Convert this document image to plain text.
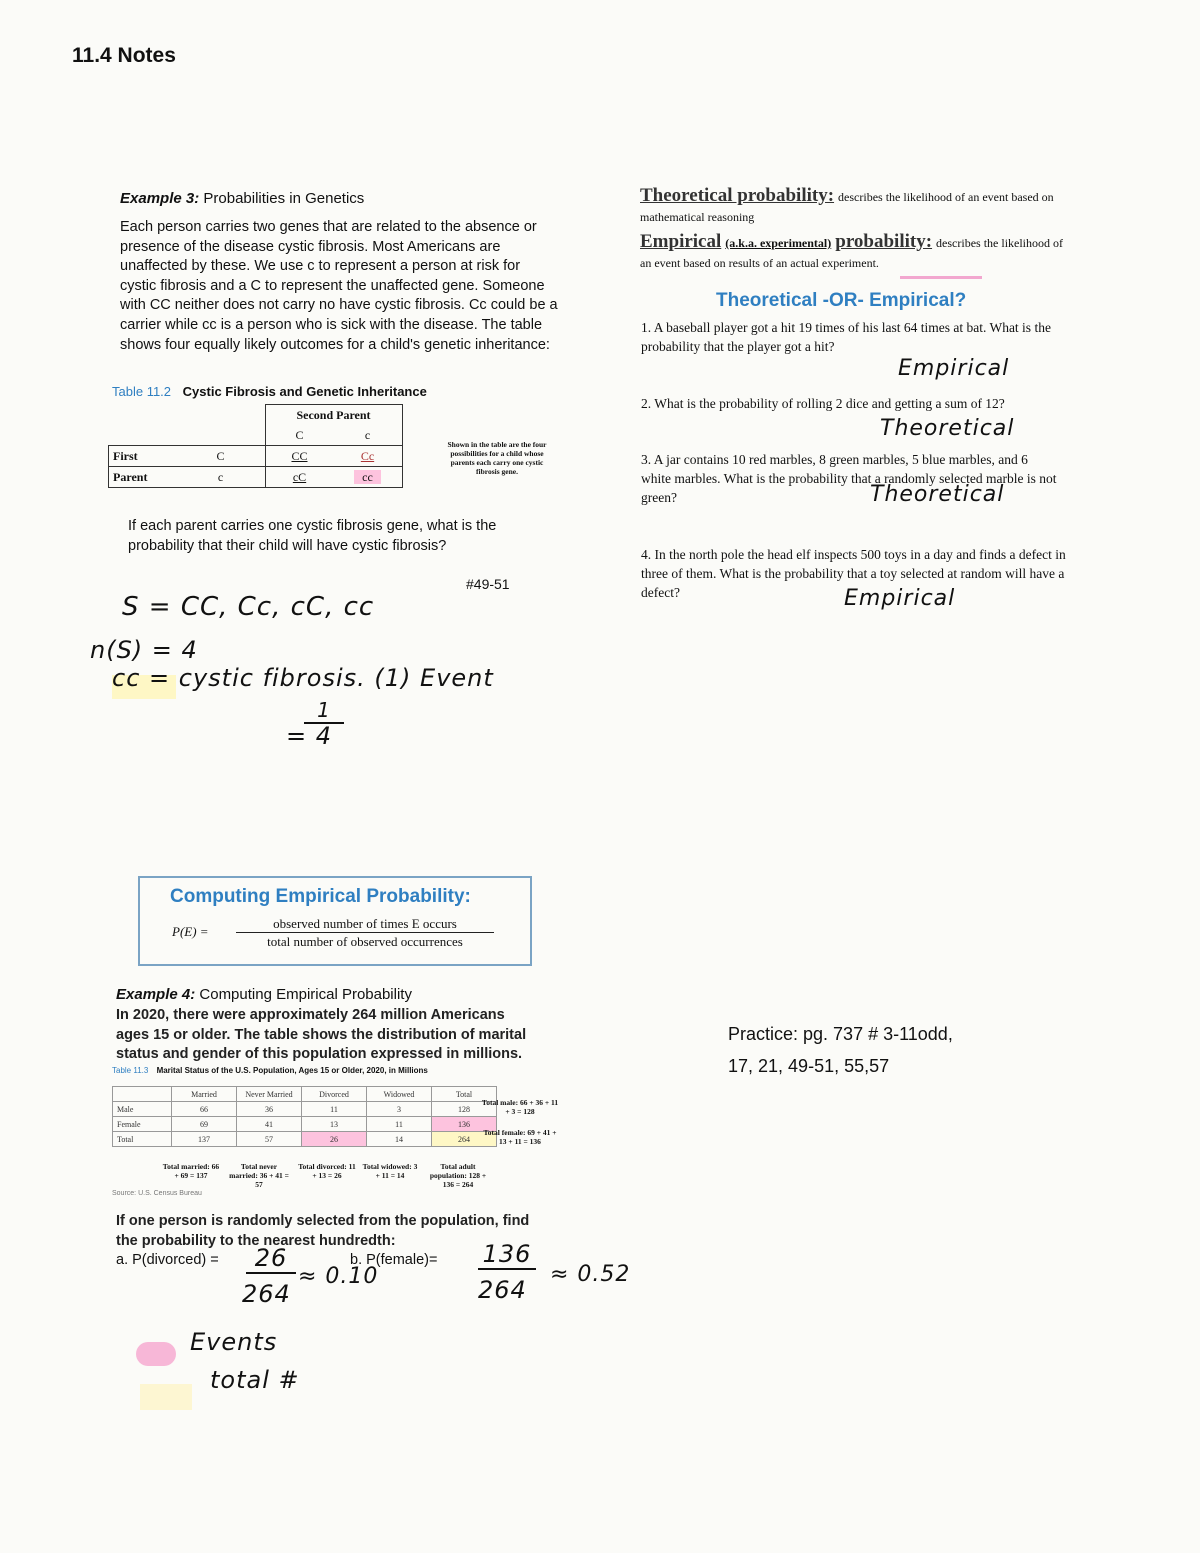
11.4 Notes
Example 3: Probabilities in Genetics
Each person carries two genes that are related to the absence or presence of the disease cystic fibrosis. Most Americans are unaffected by these. We use c to represent a person at risk for cystic fibrosis and a C to represent the unaffected gene. Someone with CC neither does not carry no have cystic fibrosis. Cc could be a carrier while cc is a person who is sick with the disease. The table shows four equally likely outcomes for a child's genetic inheritance:
Table 11.2 Cystic Fibrosis and Genetic Inheritance
		Second Parent	
		C	c
First	C	CC	Cc
Parent	c	cC	cc
Shown in the table are the four possibilities for a child whose parents each carry one cystic fibrosis gene.
If each parent carries one cystic fibrosis gene, what is the probability that their child will have cystic fibrosis?
#49-51
S = CC, Cc, cC, cc
n(S) = 4
cc = cystic fibrosis. (1) Event
1
= 4
Theoretical probability: describes the likelihood of an event based on mathematical reasoning
Empirical (a.k.a. experimental) probability: describes the likelihood of an event based on results of an actual experiment.
Theoretical -OR- Empirical?
1. A baseball player got a hit 19 times of his last 64 times at bat. What is the probability that the player got a hit?
Empirical
2. What is the probability of rolling 2 dice and getting a sum of 12?
Theoretical
3. A jar contains 10 red marbles, 8 green marbles, 5 blue marbles, and 6 white marbles. What is the probability that a randomly selected marble is not green?	Theoretical
4. In the north pole the head elf inspects 500 toys in a day and finds a defect in three of them. What is the probability that a toy selected at random will have a defect?	Empirical
Computing Empirical Probability:
P(E) =
observed number of times E occurs
total number of observed occurrences
Example 4: Computing Empirical Probability
In 2020, there were approximately 264 million Americans ages 15 or older. The table shows the distribution of marital status and gender of this population expressed in millions.
Table 11.3 Marital Status of the U.S. Population, Ages 15 or Older, 2020, in Millions
	Married	Never Married	Divorced	Widowed	Total
Male	66	36	11	3	128
Female	69	41	13	11	136
Total	137	57	26	14	264
Total male: 66 + 36 + 11 + 3 = 128
Total female: 69 + 41 + 13 + 11 = 136
Total married: 66 + 69 = 137
Total never married: 36 + 41 = 57
Total divorced: 11 + 13 = 26
Total widowed: 3 + 11 = 14
Total adult population: 128 + 136 = 264
Source: U.S. Census Bureau
If one person is randomly selected from the population, find the probability to the nearest hundredth:
a. P(divorced) =	b. P(female)=
26
264
≈ 0.10
136
264
≈ 0.52
Events
total #
Practice: pg. 737 # 3-11odd,
17, 21, 49-51, 55,57
